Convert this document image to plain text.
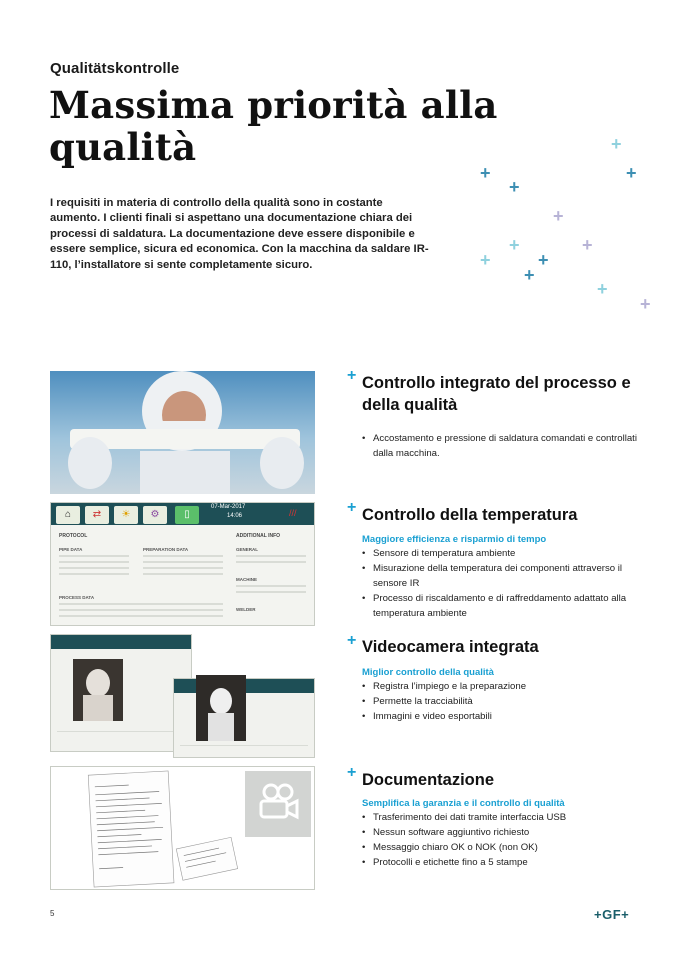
Qualitätskontrolle
Massima priorità alla qualità
I requisiti in materia di controllo della qualità sono in costante aumento. I clienti finali si aspettano una documentazione chiara dei processi di saldatura. La documentazione deve essere disponibile e essere semplice, sicura ed economica. Con la macchina da saldare IR-110, l’installatore si sente completamente sicuro.
+
+	+
+
+
+	+
+	+
+
+
+
⌂	⇄	☀	⚙	▯
07-Mar-2017
14:06	///
PROTOCOL	ADDITIONAL INFO
PIPE DATA	PREPARATION DATA	GENERAL
MACHINE
PROCESS DATA
WELDER
+ Controllo integrato del processo e della qualità
• Accostamento e pressione di saldatura comandati e controllati dalla macchina.
+ Controllo della temperatura
Maggiore efficienza e risparmio di tempo
• Sensore di temperatura ambiente
• Misurazione della temperatura dei componenti attraverso il sensore IR
• Processo di riscaldamento e di raffreddamento adattato alla temperatura ambiente
+ Videocamera integrata
Miglior controllo della qualità
• Registra l’impiego e la preparazione
• Permette la tracciabilità
• Immagini e video esportabili
+ Documentazione
Semplifica la garanzia e il controllo di qualità
• Trasferimento dei dati tramite interfaccia USB
• Nessun software aggiuntivo richiesto
• Messaggio chiaro OK o NOK (non OK)
• Protocolli e etichette fino a 5 stampe
5	+GF+
